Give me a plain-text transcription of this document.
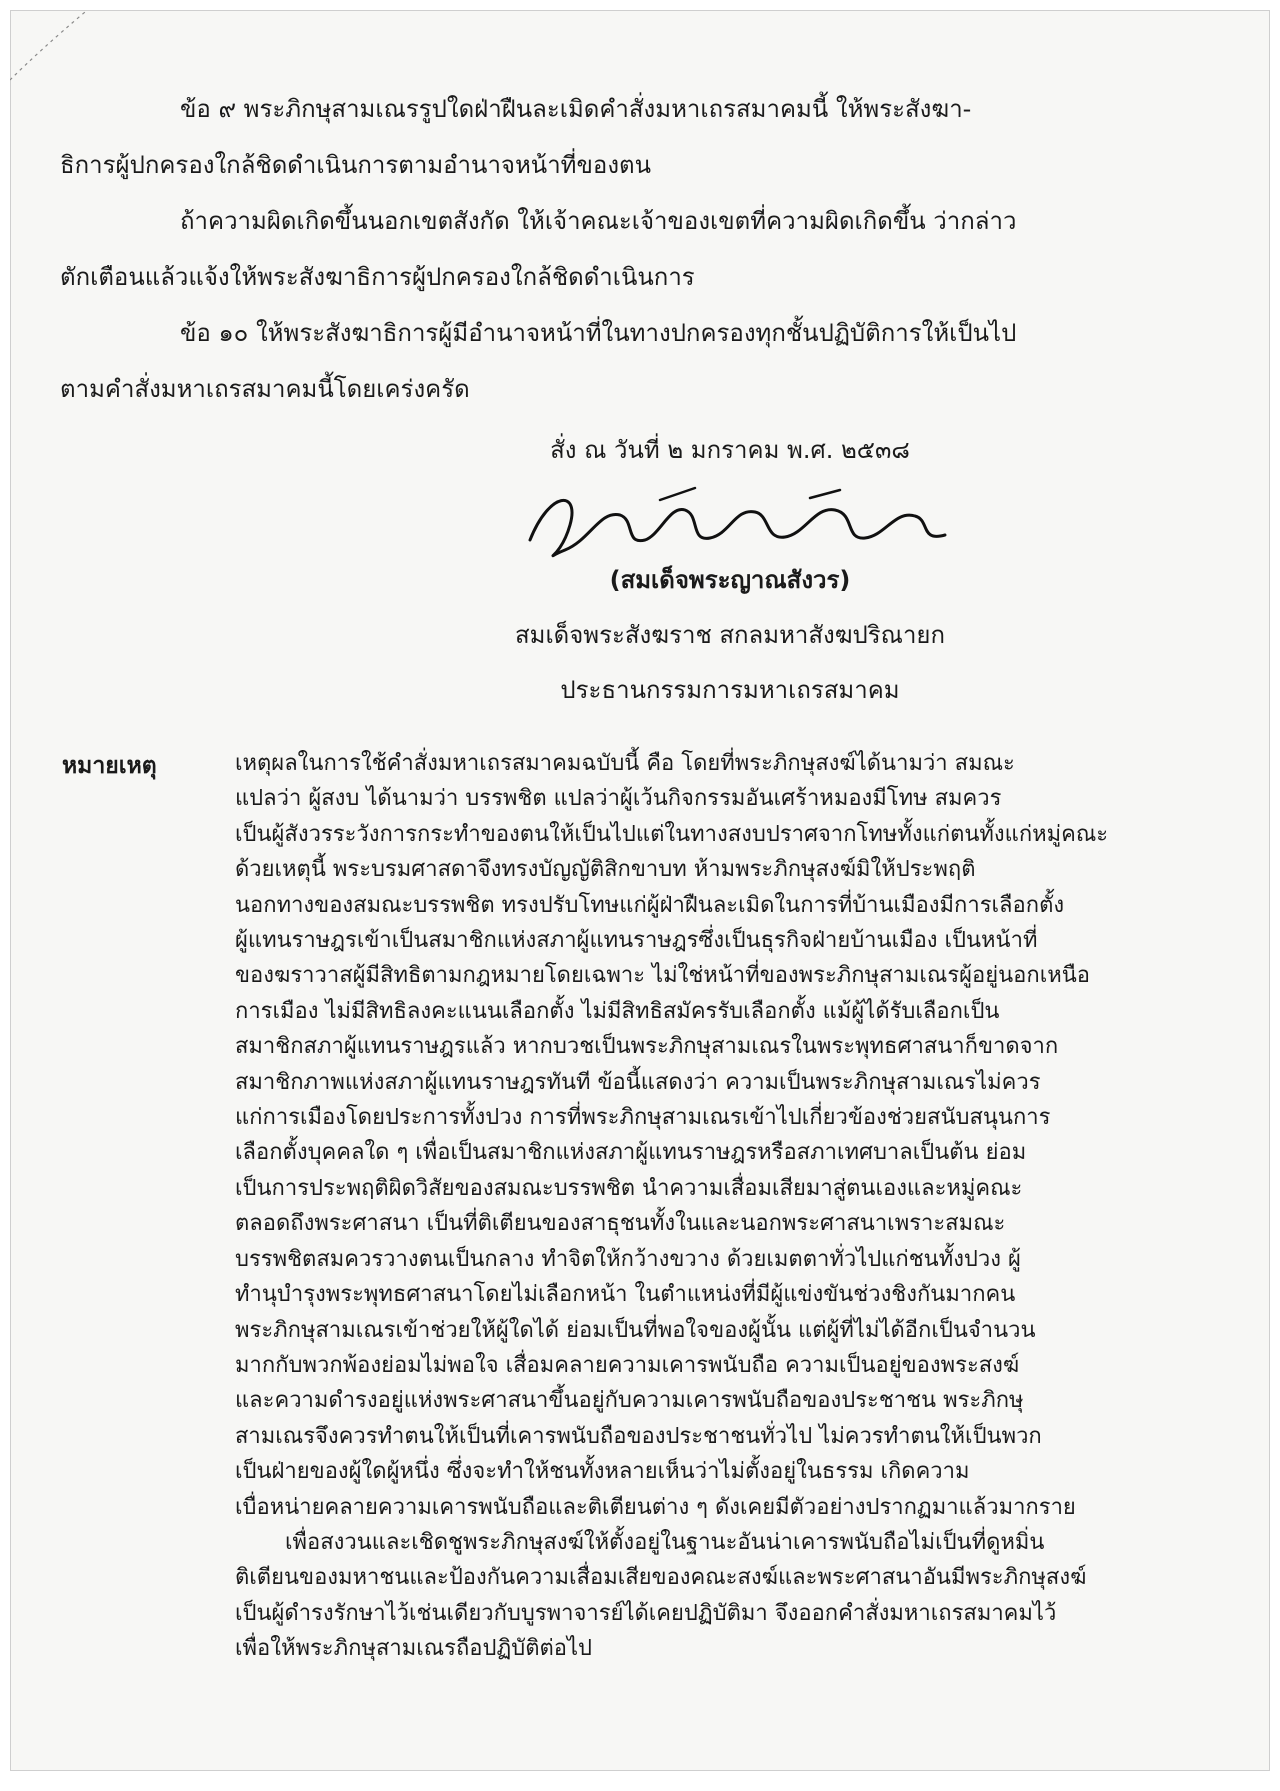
ข้อ ๙ พระภิกษุสามเณรรูปใดฝ่าฝืนละเมิดคำสั่งมหาเถรสมาคมนี้ ให้พระสังฆา-
ธิการผู้ปกครองใกล้ชิดดำเนินการตามอำนาจหน้าที่ของตน
ถ้าความผิดเกิดขึ้นนอกเขตสังกัด ให้เจ้าคณะเจ้าของเขตที่ความผิดเกิดขึ้น ว่ากล่าว
ตักเตือนแล้วแจ้งให้พระสังฆาธิการผู้ปกครองใกล้ชิดดำเนินการ
ข้อ ๑๐ ให้พระสังฆาธิการผู้มีอำนาจหน้าที่ในทางปกครองทุกชั้นปฏิบัติการให้เป็นไป
ตามคำสั่งมหาเถรสมาคมนี้โดยเคร่งครัด
สั่ง ณ วันที่ ๒ มกราคม พ.ศ. ๒๕๓๘
(สมเด็จพระญาณสังวร)
สมเด็จพระสังฆราช สกลมหาสังฆปริณายก
ประธานกรรมการมหาเถรสมาคม
หมายเหตุ	เหตุผลในการใช้คำสั่งมหาเถรสมาคมฉบับนี้ คือ โดยที่พระภิกษุสงฆ์ได้นามว่า สมณะ
แปลว่า ผู้สงบ ได้นามว่า บรรพชิต แปลว่าผู้เว้นกิจกรรมอันเศร้าหมองมีโทษ สมควร
เป็นผู้สังวรระวังการกระทำของตนให้เป็นไปแต่ในทางสงบปราศจากโทษทั้งแก่ตนทั้งแก่หมู่คณะ
ด้วยเหตุนี้ พระบรมศาสดาจึงทรงบัญญัติสิกขาบท ห้ามพระภิกษุสงฆ์มิให้ประพฤติ
นอกทางของสมณะบรรพชิต ทรงปรับโทษแก่ผู้ฝ่าฝืนละเมิดในการที่บ้านเมืองมีการเลือกตั้ง
ผู้แทนราษฎรเข้าเป็นสมาชิกแห่งสภาผู้แทนราษฎรซึ่งเป็นธุรกิจฝ่ายบ้านเมือง เป็นหน้าที่
ของฆราวาสผู้มีสิทธิตามกฎหมายโดยเฉพาะ ไม่ใช่หน้าที่ของพระภิกษุสามเณรผู้อยู่นอกเหนือ
การเมือง ไม่มีสิทธิลงคะแนนเลือกตั้ง ไม่มีสิทธิสมัครรับเลือกตั้ง แม้ผู้ได้รับเลือกเป็น
สมาชิกสภาผู้แทนราษฎรแล้ว หากบวชเป็นพระภิกษุสามเณรในพระพุทธศาสนาก็ขาดจาก
สมาชิกภาพแห่งสภาผู้แทนราษฎรทันที ข้อนี้แสดงว่า ความเป็นพระภิกษุสามเณรไม่ควร
แก่การเมืองโดยประการทั้งปวง การที่พระภิกษุสามเณรเข้าไปเกี่ยวข้องช่วยสนับสนุนการ
เลือกตั้งบุคคลใด ๆ เพื่อเป็นสมาชิกแห่งสภาผู้แทนราษฎรหรือสภาเทศบาลเป็นต้น ย่อม
เป็นการประพฤติผิดวิสัยของสมณะบรรพชิต นำความเสื่อมเสียมาสู่ตนเองและหมู่คณะ
ตลอดถึงพระศาสนา เป็นที่ติเตียนของสาธุชนทั้งในและนอกพระศาสนาเพราะสมณะ
บรรพชิตสมควรวางตนเป็นกลาง ทำจิตให้กว้างขวาง ด้วยเมตตาทั่วไปแก่ชนทั้งปวง ผู้
ทำนุบำรุงพระพุทธศาสนาโดยไม่เลือกหน้า ในตำแหน่งที่มีผู้แข่งขันช่วงชิงกันมากคน
พระภิกษุสามเณรเข้าช่วยให้ผู้ใดได้ ย่อมเป็นที่พอใจของผู้นั้น แต่ผู้ที่ไม่ได้อีกเป็นจำนวน
มากกับพวกพ้องย่อมไม่พอใจ เสื่อมคลายความเคารพนับถือ ความเป็นอยู่ของพระสงฆ์
และความดำรงอยู่แห่งพระศาสนาขึ้นอยู่กับความเคารพนับถือของประชาชน พระภิกษุ
สามเณรจึงควรทำตนให้เป็นที่เคารพนับถือของประชาชนทั่วไป ไม่ควรทำตนให้เป็นพวก
เป็นฝ่ายของผู้ใดผู้หนึ่ง ซึ่งจะทำให้ชนทั้งหลายเห็นว่าไม่ตั้งอยู่ในธรรม เกิดความ
เบื่อหน่ายคลายความเคารพนับถือและติเตียนต่าง ๆ ดังเคยมีตัวอย่างปรากฏมาแล้วมากราย
เพื่อสงวนและเชิดชูพระภิกษุสงฆ์ให้ตั้งอยู่ในฐานะอันน่าเคารพนับถือไม่เป็นที่ดูหมิ่น
ติเตียนของมหาชนและป้องกันความเสื่อมเสียของคณะสงฆ์และพระศาสนาอันมีพระภิกษุสงฆ์
เป็นผู้ดำรงรักษาไว้เช่นเดียวกับบูรพาจารย์ได้เคยปฏิบัติมา จึงออกคำสั่งมหาเถรสมาคมไว้
เพื่อให้พระภิกษุสามเณรถือปฏิบัติต่อไป
